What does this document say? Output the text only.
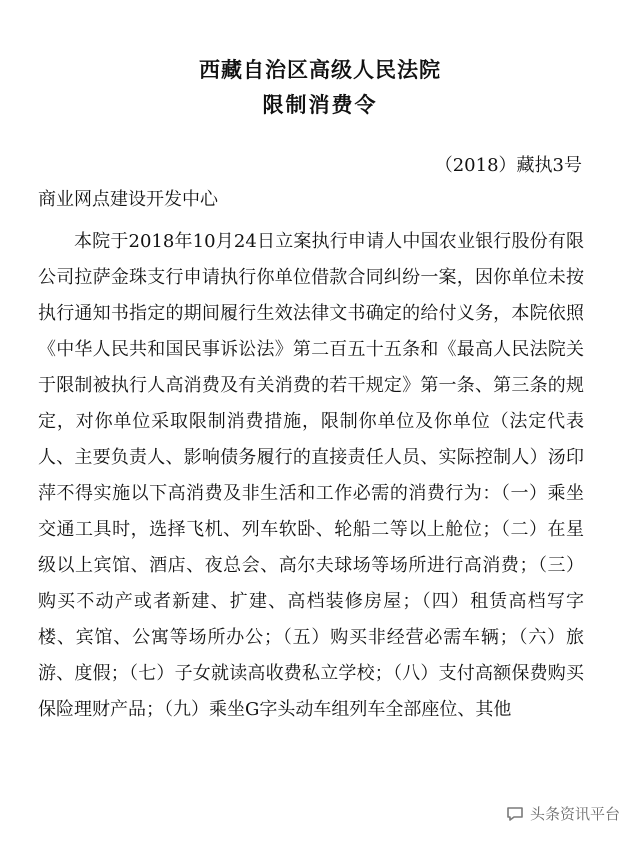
西藏自治区高级人民法院
限制消费令
（2018）藏执3号
商业网点建设开发中心

本院于2018年10月24日立案执行申请人中国农业银行股份有限公司拉萨金珠支行申请执行你单位借款合同纠纷一案，因你单位未按执行通知书指定的期间履行生效法律文书确定的给付义务，本院依照《中华人民共和国民事诉讼法》第二百五十五条和《最高人民法院关于限制被执行人高消费及有关消费的若干规定》第一条、第三条的规定，对你单位采取限制消费措施，限制你单位及你单位（法定代表人、主要负责人、影响债务履行的直接责任人员、实际控制人）汤印萍不得实施以下高消费及非生活和工作必需的消费行为：（一）乘坐交通工具时，选择飞机、列车软卧、轮船二等以上舱位；（二）在星级以上宾馆、酒店、夜总会、高尔夫球场等场所进行高消费；（三）购买不动产或者新建、扩建、高档装修房屋；（四）租赁高档写字楼、宾馆、公寓等场所办公；（五）购买非经营必需车辆；（六）旅游、度假；（七）子女就读高收费私立学校；（八）支付高额保费购买保险理财产品；（九）乘坐G字头动车组列车全部座位、其他

头条资讯平台
